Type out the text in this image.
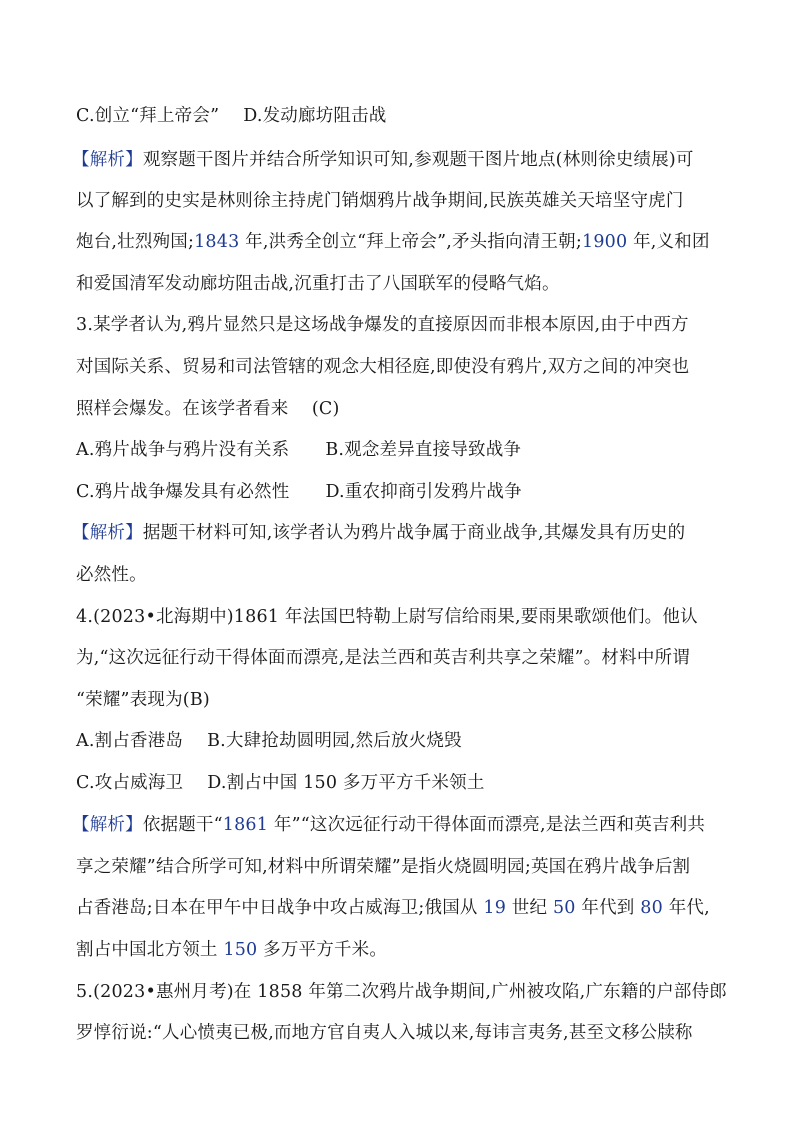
C.创立“拜上帝会” D.发动廊坊阻击战
【解析】观察题干图片并结合所学知识可知,参观题干图片地点(林则徐史绩展)可
以了解到的史实是林则徐主持虎门销烟鸦片战争期间,民族英雄关天培坚守虎门
炮台,壮烈殉国;1843 年,洪秀全创立“拜上帝会”,矛头指向清王朝;1900 年,义和团
和爱国清军发动廊坊阻击战,沉重打击了八国联军的侵略气焰。
3.某学者认为,鸦片显然只是这场战争爆发的直接原因而非根本原因,由于中西方
对国际关系、贸易和司法管辖的观念大相径庭,即使没有鸦片,双方之间的冲突也
照样会爆发。在该学者看来　 (C)
A.鸦片战争与鸦片没有关系 B.观念差异直接导致战争
C.鸦片战争爆发具有必然性 D.重农抑商引发鸦片战争
【解析】据题干材料可知,该学者认为鸦片战争属于商业战争,其爆发具有历史的
必然性。
4.(2023•北海期中)1861 年法国巴特勒上尉写信给雨果,要雨果歌颂他们。他认
为,“这次远征行动干得体面而漂亮,是法兰西和英吉利共享之荣耀”。材料中所谓
“荣耀”表现为(B)
A.割占香港岛 B.大肆抢劫圆明园,然后放火烧毁
C.攻占威海卫 D.割占中国 150 多万平方千米领土
【解析】依据题干“1861 年”“这次远征行动干得体面而漂亮,是法兰西和英吉利共
享之荣耀”结合所学可知,材料中所谓荣耀”是指火烧圆明园;英国在鸦片战争后割
占香港岛;日本在甲午中日战争中攻占威海卫;俄国从 19 世纪 50 年代到 80 年代,
割占中国北方领土 150 多万平方千米。
5.(2023•惠州月考)在 1858 年第二次鸦片战争期间,广州被攻陷,广东籍的户部侍郎
罗惇衍说:“人心愤夷已极,而地方官自夷人入城以来,每讳言夷务,甚至文移公牍称
